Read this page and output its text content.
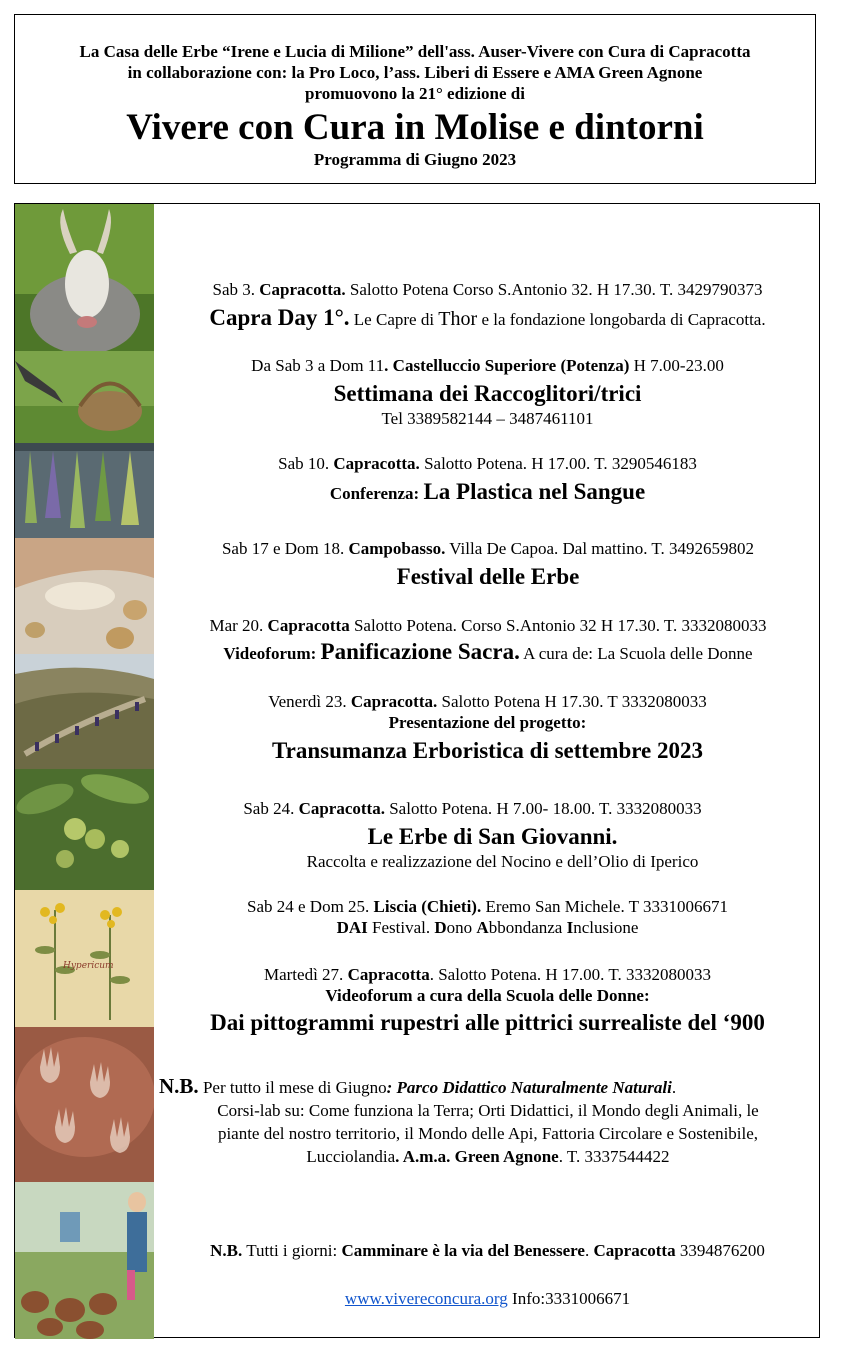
La Casa delle Erbe “Irene e Lucia di Milione” dell'ass. Auser-Vivere con Cura di Capracotta
in collaborazione con: la Pro Loco, l’ass. Liberi di Essere e AMA Green Agnone
promuovono la 21° edizione di
Vivere con Cura in Molise e dintorni
Programma di Giugno 2023
Hypericum
Sab 3. Capracotta. Salotto Potena Corso S.Antonio 32. H 17.30. T. 3429790373
Capra Day 1°. Le Capre di Thor e la fondazione longobarda di Capracotta.
Da Sab 3 a Dom 11. Castelluccio Superiore (Potenza) H 7.00-23.00
Settimana dei Raccoglitori/trici
Tel 3389582144 – 3487461101
Sab 10. Capracotta. Salotto Potena. H 17.00. T. 3290546183
Conferenza: La Plastica nel Sangue
Sab 17 e Dom 18. Campobasso. Villa De Capoa. Dal mattino. T. 3492659802
Festival delle Erbe
Mar 20. Capracotta Salotto Potena. Corso S.Antonio 32 H 17.30. T. 3332080033
Videoforum: Panificazione Sacra. A cura de: La Scuola delle Donne
Venerdì 23. Capracotta. Salotto Potena H 17.30. T 3332080033
Presentazione del progetto:
Transumanza Erboristica di settembre 2023
Sab 24. Capracotta. Salotto Potena. H 7.00- 18.00. T. 3332080033
Le Erbe di San Giovanni.
Raccolta e realizzazione del Nocino e dell’Olio di Iperico
Sab 24 e Dom 25. Liscia (Chieti). Eremo San Michele. T 3331006671
DAI Festival. Dono Abbondanza Inclusione
Martedì 27. Capracotta. Salotto Potena. H 17.00. T. 3332080033
Videoforum a cura della Scuola delle Donne:
Dai pittogrammi rupestri alle pittrici surrealiste del ‘900
N.B. Per tutto il mese di Giugno: Parco Didattico Naturalmente Naturali.
Corsi-lab su: Come funziona la Terra; Orti Didattici, il Mondo degli Animali, le
piante del nostro territorio, il Mondo delle Api, Fattoria Circolare e Sostenibile,
Lucciolandia. A.m.a. Green Agnone. T. 3337544422
N.B. Tutti i giorni: Camminare è la via del Benessere. Capracotta 3394876200
www.vivereconcura.org Info:3331006671
